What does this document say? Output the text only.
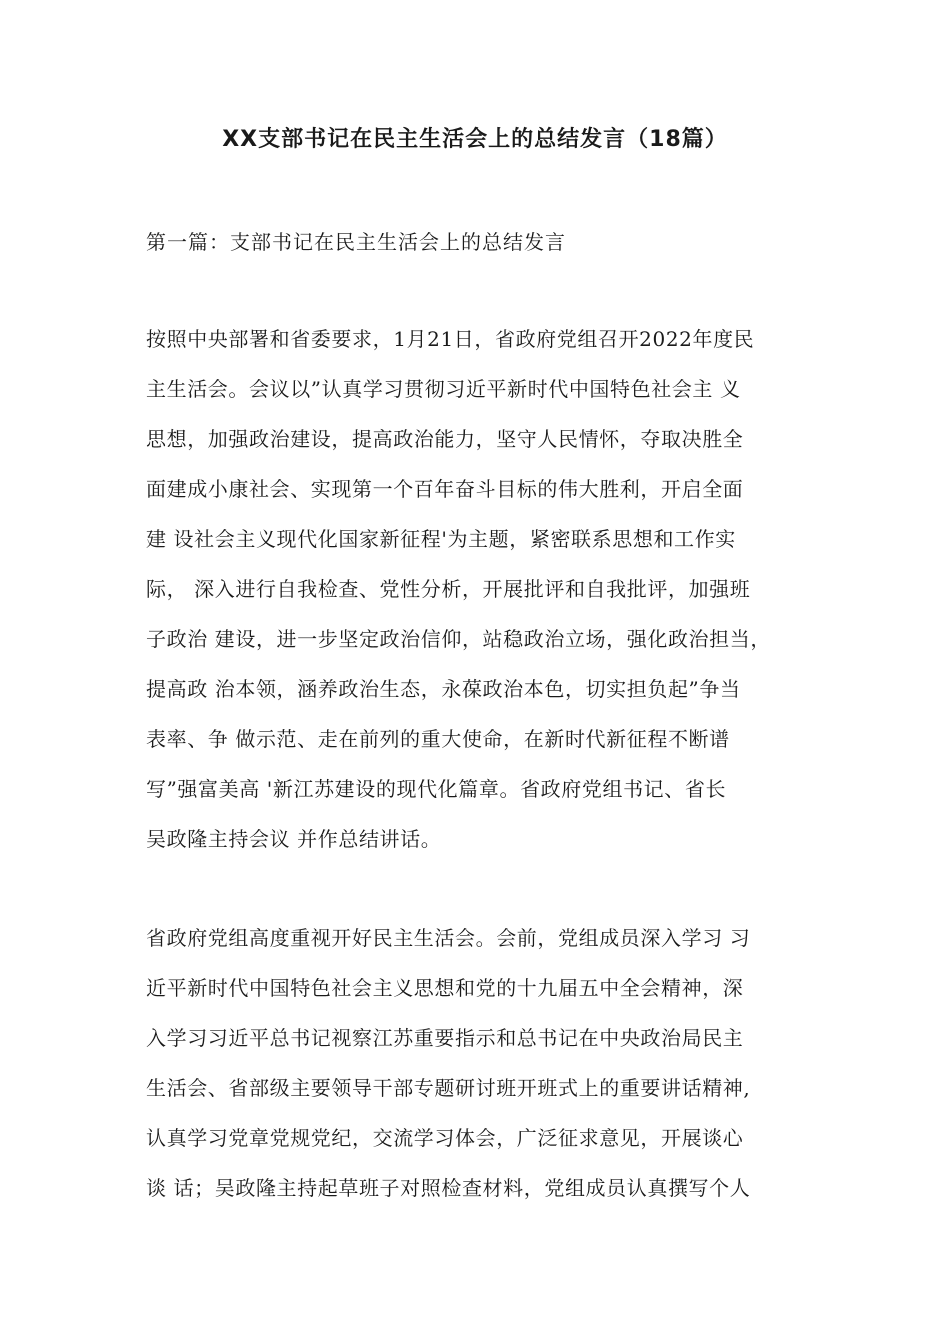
XX支部书记在民主生活会上的总结发言（18篇）
第一篇：支部书记在民主生活会上的总结发言
按照中央部署和省委要求，1月21日，省政府党组召开2022年度民
主生活会。会议以”认真学习贯彻习近平新时代中国特色社会主 义
思想，加强政治建设，提高政治能力，坚守人民情怀，夺取决胜全
面建成小康社会、实现第一个百年奋斗目标的伟大胜利，开启全面
建 设社会主义现代化国家新征程'为主题，紧密联系思想和工作实
际， 深入进行自我检查、党性分析，开展批评和自我批评，加强班
子政治 建设，进一步坚定政治信仰，站稳政治立场，强化政治担当，
提高政 治本领，涵养政治生态，永葆政治本色，切实担负起”争当
表率、争 做示范、走在前列的重大使命，在新时代新征程不断谱
写”强富美高 '新江苏建设的现代化篇章。省政府党组书记、省长
吴政隆主持会议 并作总结讲话。
省政府党组高度重视开好民主生活会。会前，党组成员深入学习 习
近平新时代中国特色社会主义思想和党的十九届五中全会精神，深
入学习习近平总书记视察江苏重要指示和总书记在中央政治局民主
生活会、省部级主要领导干部专题研讨班开班式上的重要讲话精神,
认真学习党章党规党纪，交流学习体会，广泛征求意见，开展谈心
谈 话；吴政隆主持起草班子对照检查材料，党组成员认真撰写个人
